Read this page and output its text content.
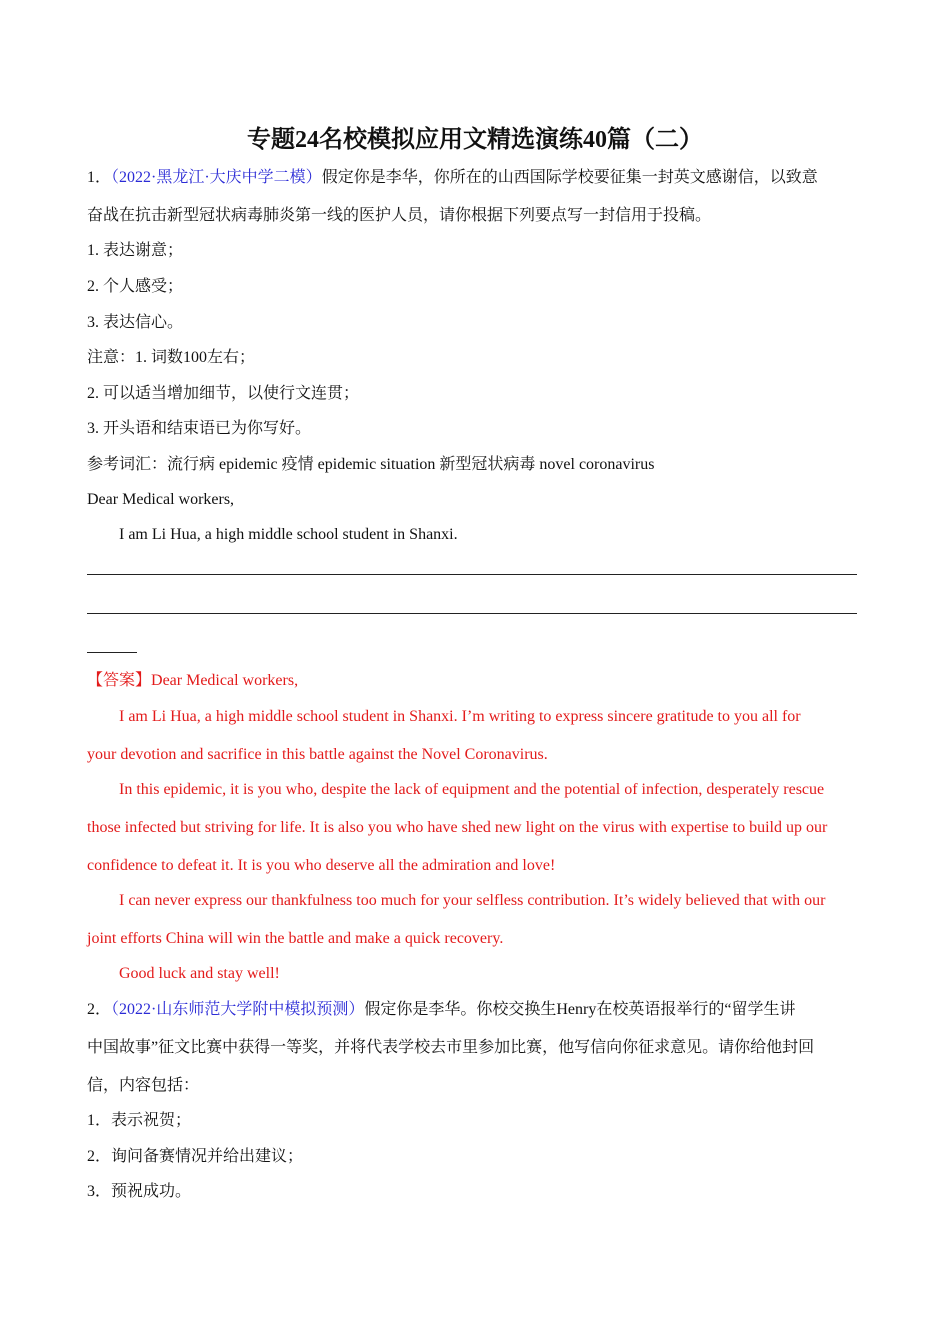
专题24名校模拟应用文精选演练40篇（二）
1．（2022·黑龙江·大庆中学二模）假定你是李华，你所在的山西国际学校要征集一封英文感谢信，以致意
奋战在抗击新型冠状病毒肺炎第一线的医护人员，请你根据下列要点写一封信用于投稿。
1. 表达谢意；
2. 个人感受；
3. 表达信心。
注意：1. 词数100左右；
2. 可以适当增加细节，以使行文连贯；
3. 开头语和结束语已为你写好。
参考词汇：流行病 epidemic 疫情 epidemic situation 新型冠状病毒 novel coronavirus
Dear Medical workers,
I am Li Hua, a high middle school student in Shanxi.
【答案】Dear Medical workers,
I am Li Hua, a high middle school student in Shanxi. I’m writing to express sincere gratitude to you all for
your devotion and sacrifice in this battle against the Novel Coronavirus.
In this epidemic, it is you who, despite the lack of equipment and the potential of infection, desperately rescue
those infected but striving for life. It is also you who have shed new light on the virus with expertise to build up our
confidence to defeat it. It is you who deserve all the admiration and love!
I can never express our thankfulness too much for your selfless contribution. It’s widely believed that with our
joint efforts China will win the battle and make a quick recovery.
Good luck and stay well!
2．（2022·山东师范大学附中模拟预测）假定你是李华。你校交换生Henry在校英语报举行的“留学生讲
中国故事”征文比赛中获得一等奖，并将代表学校去市里参加比赛，他写信向你征求意见。请你给他封回
信，内容包括：
1．表示祝贺；
2．询问备赛情况并给出建议；
3．预祝成功。
